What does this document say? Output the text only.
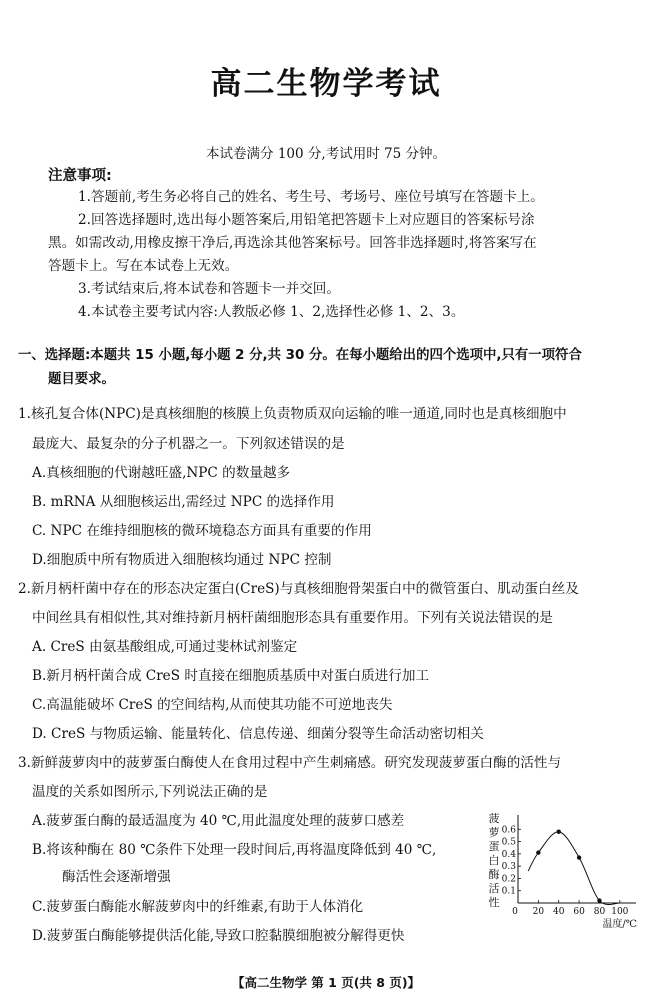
高二生物学考试
本试卷满分 100 分,考试用时 75 分钟。
注意事项:
1.答题前,考生务必将自己的姓名、考生号、考场号、座位号填写在答题卡上。
2.回答选择题时,选出每小题答案后,用铅笔把答题卡上对应题目的答案标号涂
黑。如需改动,用橡皮擦干净后,再选涂其他答案标号。回答非选择题时,将答案写在
答题卡上。写在本试卷上无效。
3.考试结束后,将本试卷和答题卡一并交回。
4.本试卷主要考试内容:人教版必修 1、2,选择性必修 1、2、3。
一、选择题:本题共 15 小题,每小题 2 分,共 30 分。在每小题给出的四个选项中,只有一项符合
题目要求。
1.核孔复合体(NPC)是真核细胞的核膜上负责物质双向运输的唯一通道,同时也是真核细胞中
最庞大、最复杂的分子机器之一。下列叙述错误的是
A.真核细胞的代谢越旺盛,NPC 的数量越多
B. mRNA 从细胞核运出,需经过 NPC 的选择作用
C. NPC 在维持细胞核的微环境稳态方面具有重要的作用
D.细胞质中所有物质进入细胞核均通过 NPC 控制
2.新月柄杆菌中存在的形态决定蛋白(CreS)与真核细胞骨架蛋白中的微管蛋白、肌动蛋白丝及
中间丝具有相似性,其对维持新月柄杆菌细胞形态具有重要作用。下列有关说法错误的是
A. CreS 由氨基酸组成,可通过斐林试剂鉴定
B.新月柄杆菌合成 CreS 时直接在细胞质基质中对蛋白质进行加工
C.高温能破坏 CreS 的空间结构,从而使其功能不可逆地丧失
D. CreS 与物质运输、能量转化、信息传递、细菌分裂等生命活动密切相关
3.新鲜菠萝肉中的菠萝蛋白酶使人在食用过程中产生刺痛感。研究发现菠萝蛋白酶的活性与
温度的关系如图所示,下列说法正确的是
A.菠萝蛋白酶的最适温度为 40 ℃,用此温度处理的菠萝口感差
B.将该种酶在 80 ℃条件下处理一段时间后,再将温度降低到 40 ℃,
酶活性会逐渐增强
C.菠萝蛋白酶能水解菠萝肉中的纤维素,有助于人体消化
D.菠萝蛋白酶能够提供活化能,导致口腔黏膜细胞被分解得更快
菠
萝
蛋
白
酶
活
性
0.1
0.2
0.3
0.4
0.5
0.6
0 20 40 60 80 100
温度/℃
【高二生物学 第 1 页(共 8 页)】
